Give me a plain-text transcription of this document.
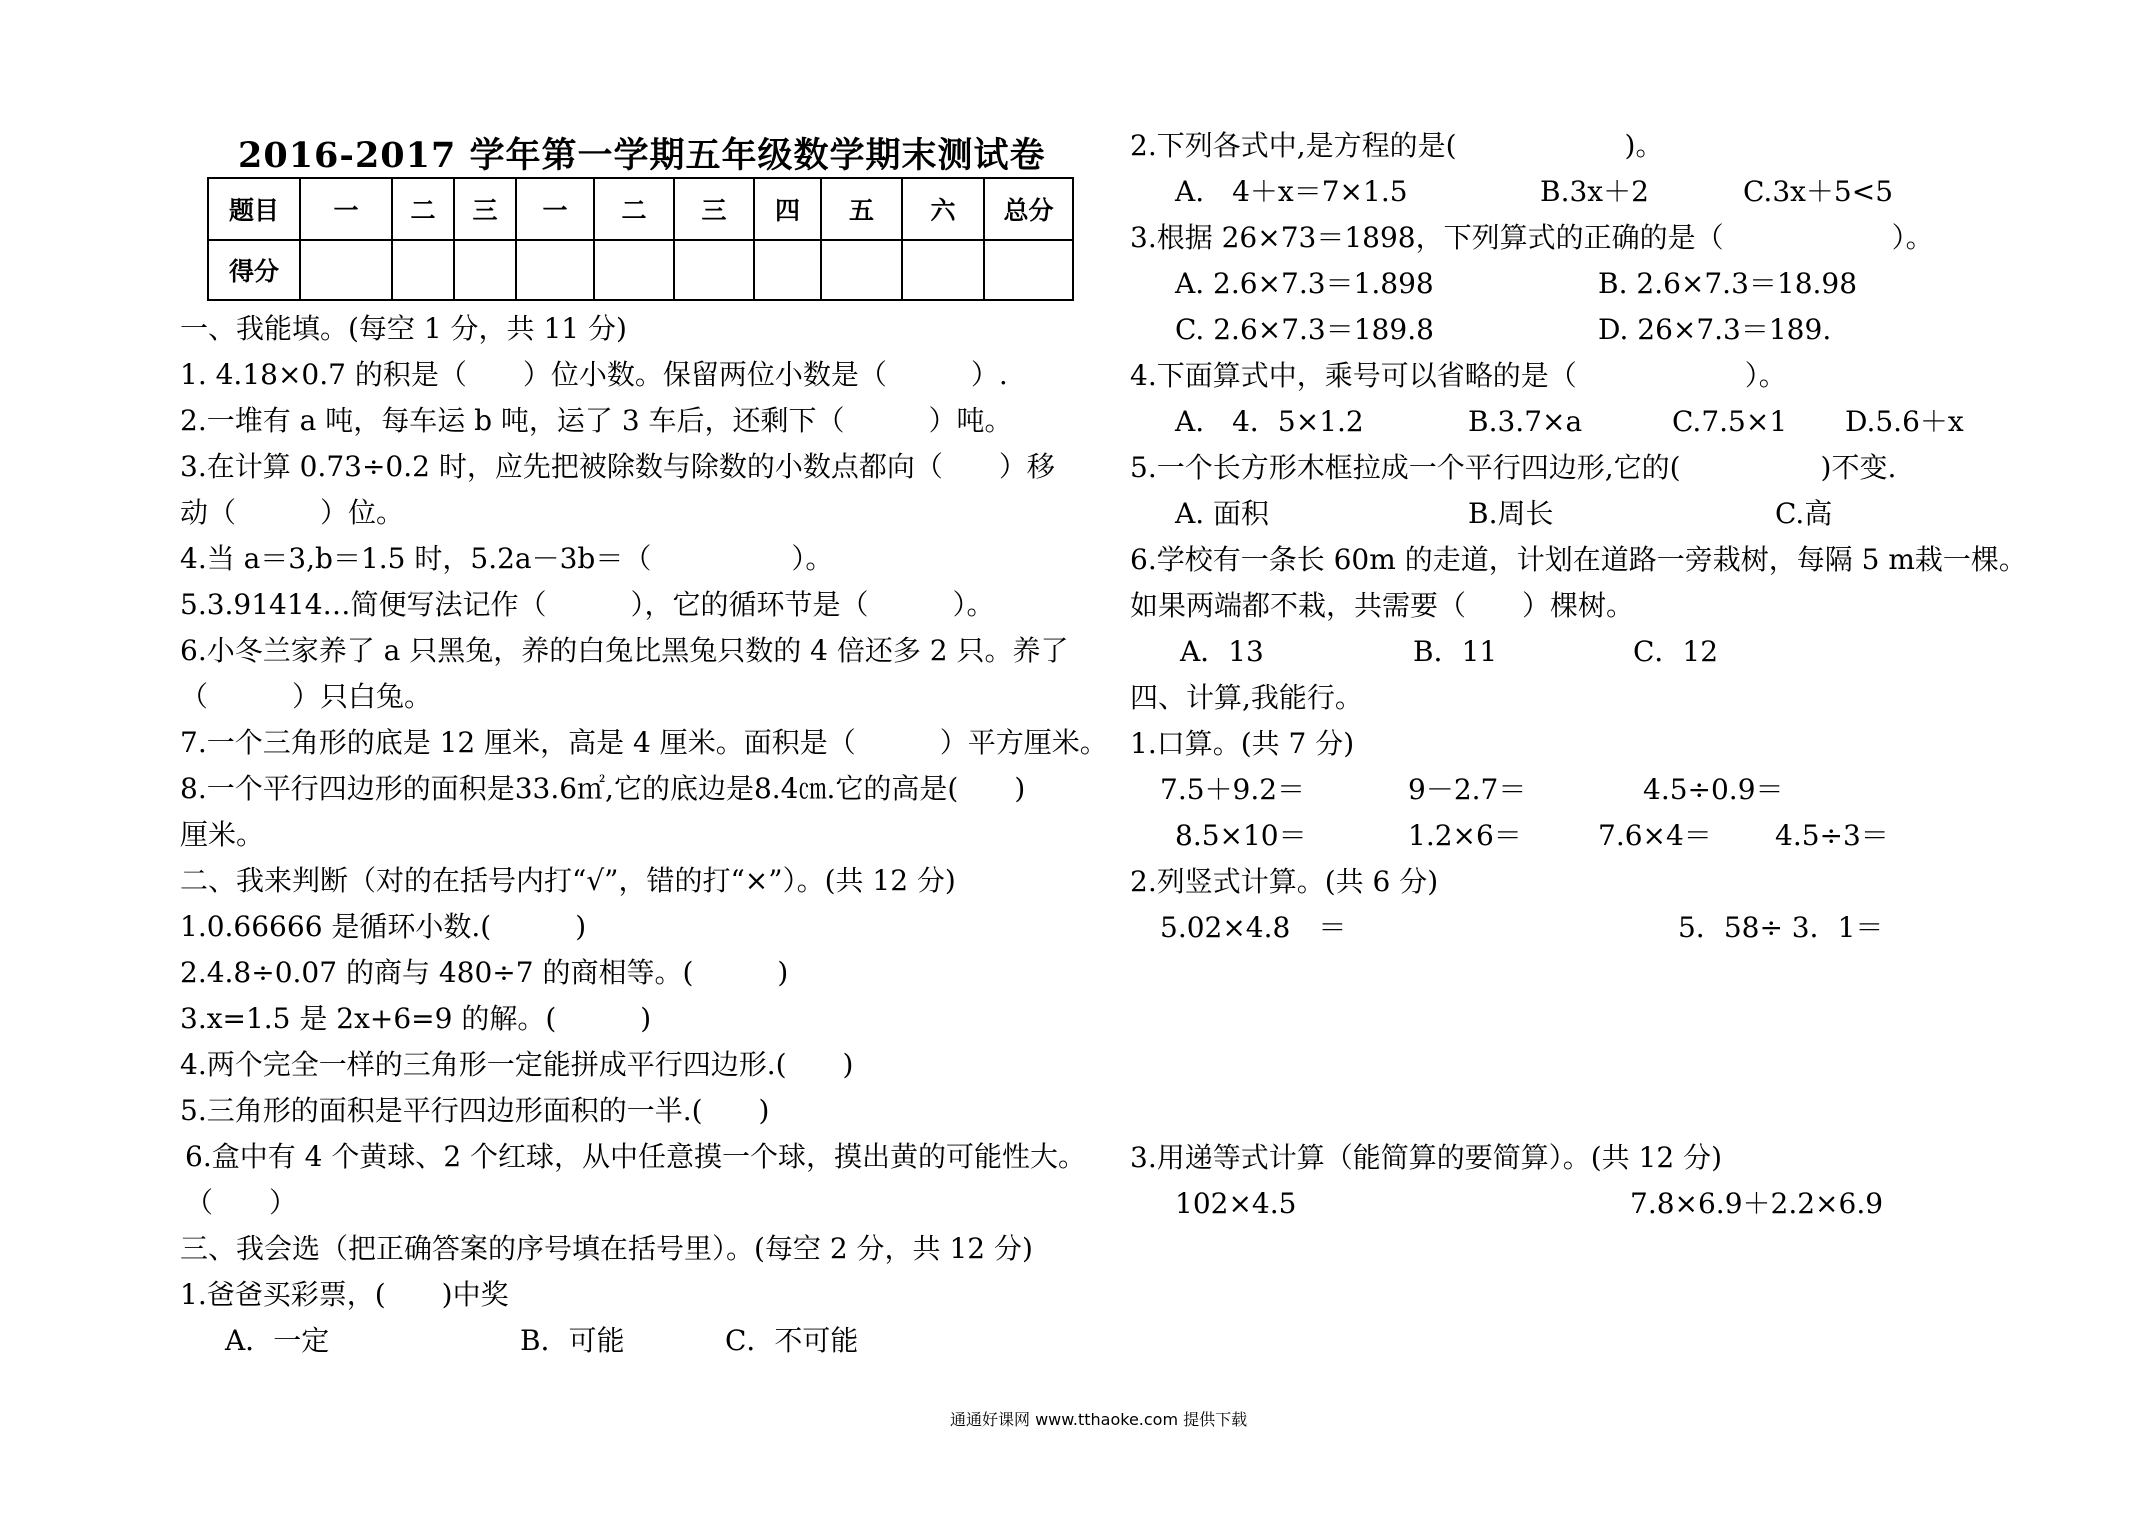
2016-2017 学年第一学期五年级数学期末测试卷
题目	一	二	三	一	二	三	四	五	六	总分
得分										
一、我能填。(每空 1 分，共 11 分)
1. 4.18×0.7 的积是（　　）位小数。保留两位小数是（　　　）.
2.一堆有 a 吨，每车运 b 吨，运了 3 车后，还剩下（　　　）吨。
3.在计算 0.73÷0.2 时，应先把被除数与除数的小数点都向（　　）移
动（　　　）位。
4.当 a＝3,b＝1.5 时，5.2a－3b＝（　　　　　）。
5.3.91414…简便写法记作（　　　），它的循环节是（　　　）。
6.小冬兰家养了 a 只黑兔，养的白兔比黑兔只数的 4 倍还多 2 只。养了
（　　　）只白兔。
7.一个三角形的底是 12 厘米，高是 4 厘米。面积是（　　　）平方厘米。
8.一个平行四边形的面积是33.6㎡,它的底边是8.4㎝.它的高是(　　)
厘米。
二、我来判断（对的在括号内打“√”，错的打“×”）。(共 12 分)
1.0.66666 是循环小数.(　　　)
2.4.8÷0.07 的商与 480÷7 的商相等。(　　　)
3.x=1.5 是 2x+6=9 的解。(　　　)
4.两个完全一样的三角形一定能拼成平行四边形.(　　)
5.三角形的面积是平行四边形面积的一半.(　　)
6.盒中有 4 个黄球、2 个红球，从中任意摸一个球，摸出黄的可能性大。
（　　）
三、我会选（把正确答案的序号填在括号里）。(每空 2 分，共 12 分)
1.爸爸买彩票，(　　)中奖
A．一定	B．可能	C．不可能
2.下列各式中,是方程的是(　　　　　　)。
A.　4＋x＝7×1.5	B.3x＋2	C.3x＋5<5
3.根据 26×73＝1898，下列算式的正确的是（　　　　　　）。
A. 2.6×7.3＝1.898	B. 2.6×7.3＝18.98
C. 2.6×7.3＝189.8	D. 26×7.3＝189.
4.下面算式中，乘号可以省略的是（　　　　　　）。
A.　4．5×1.2	B.3.7×a	C.7.5×1 D.5.6＋x
5.一个长方形木框拉成一个平行四边形,它的(　　　　　)不变.
A. 面积	B.周长	C.高
6.学校有一条长 60m 的走道，计划在道路一旁栽树，每隔 5 m栽一棵。
如果两端都不栽，共需要（　　）棵树。
A．13	B．11	C．12
四、计算,我能行。
1.口算。(共 7 分)
7.5＋9.2＝	9－2.7＝	4.5÷0.9＝
8.5×10＝	1.2×6＝	7.6×4＝ 4.5÷3＝
2.列竖式计算。(共 6 分)
5.02×4.8　＝	5．58÷ 3．1＝
3.用递等式计算（能简算的要简算）。(共 12 分)
102×4.5	7.8×6.9＋2.2×6.9
通通好课网 www.tthaoke.com 提供下载
